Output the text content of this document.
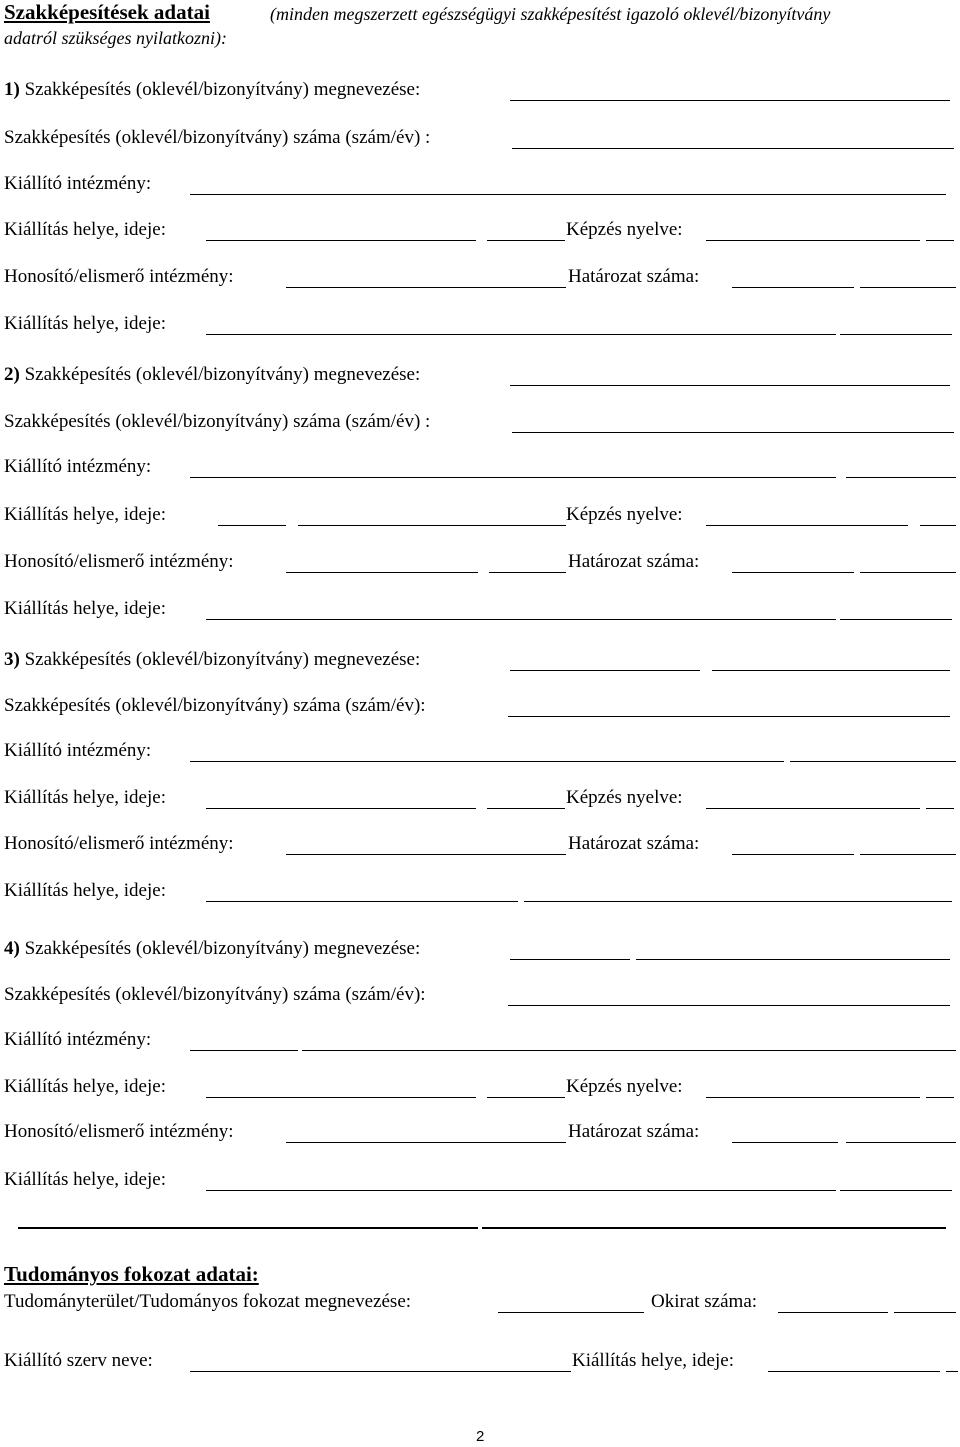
Szakképesítések adatai	(minden megszerzett egészségügyi szakképesítést igazoló oklevél/bizonyítvány
adatról szükséges nyilatkozni):
1) Szakképesítés (oklevél/bizonyítvány) megnevezése:
Szakképesítés (oklevél/bizonyítvány) száma (szám/év) :
Kiállító intézmény:
Kiállítás helye, ideje:	Képzés nyelve:
Honosító/elismerő intézmény:	Határozat száma:
Kiállítás helye, ideje:
2) Szakképesítés (oklevél/bizonyítvány) megnevezése:
Szakképesítés (oklevél/bizonyítvány) száma (szám/év) :
Kiállító intézmény:
Kiállítás helye, ideje:	Képzés nyelve:
Honosító/elismerő intézmény:	Határozat száma:
Kiállítás helye, ideje:
3) Szakképesítés (oklevél/bizonyítvány) megnevezése:
Szakképesítés (oklevél/bizonyítvány) száma (szám/év):
Kiállító intézmény:
Kiállítás helye, ideje:	Képzés nyelve:
Honosító/elismerő intézmény:	Határozat száma:
Kiállítás helye, ideje:
4) Szakképesítés (oklevél/bizonyítvány) megnevezése:
Szakképesítés (oklevél/bizonyítvány) száma (szám/év):
Kiállító intézmény:
Kiállítás helye, ideje:	Képzés nyelve:
Honosító/elismerő intézmény:	Határozat száma:
Kiállítás helye, ideje:
Tudományos fokozat adatai:
Tudományterület/Tudományos fokozat megnevezése:	Okirat száma:
Kiállító szerv neve:	Kiállítás helye, ideje:
2
